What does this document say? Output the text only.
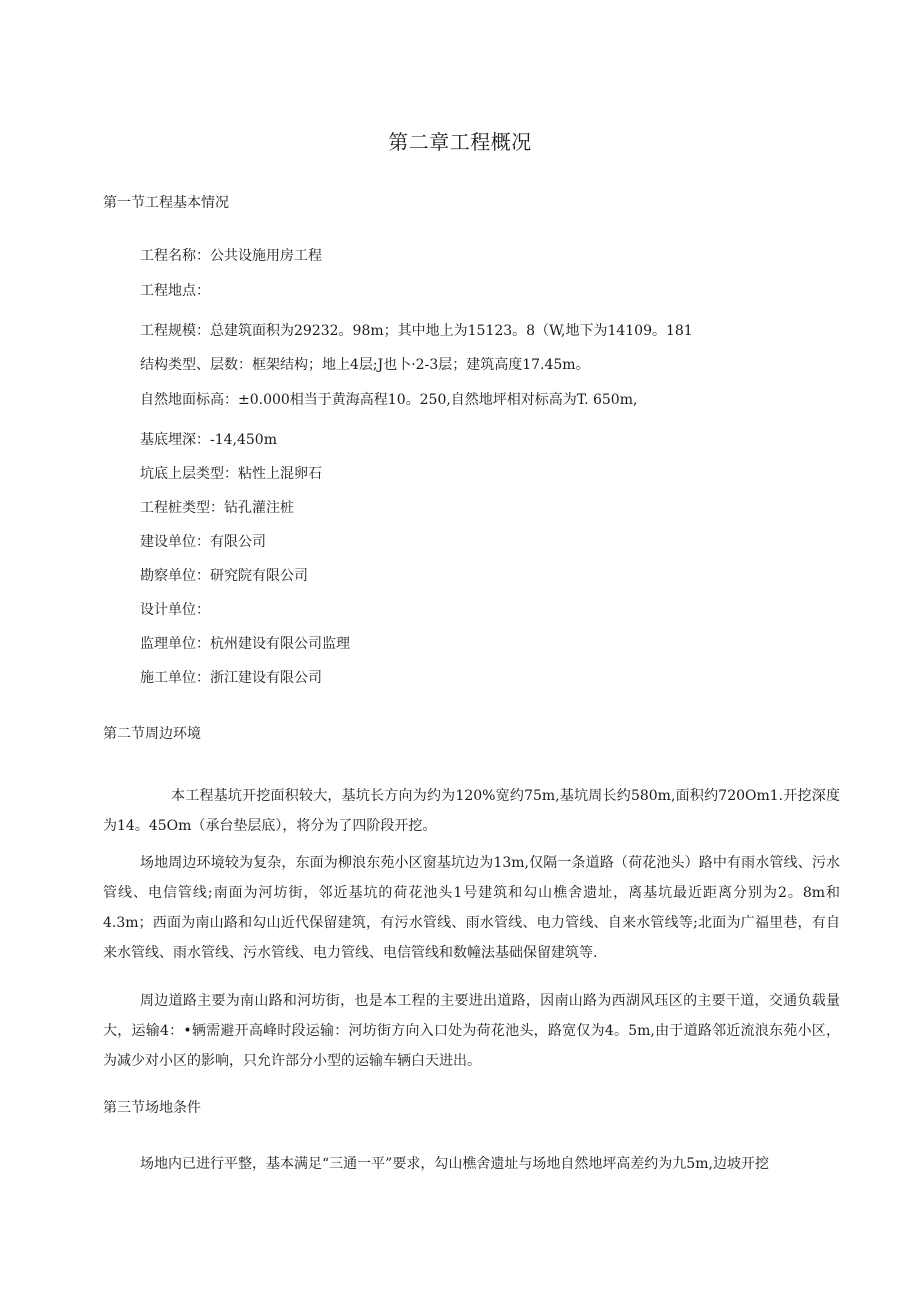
第二章工程概况
第一节工程基本情况
工程名称：公共设施用房工程
工程地点：
工程规模：总建筑面积为29232。98m；其中地上为15123。8（W,地下为14109。181
结构类型、层数：框架结构；地上4层;J也卜·2-3层；建筑高度17.45m。
自然地面标高：±0.000相当于黄海高程10。250,自然地坪相对标高为T. 650m,
基底埋深：-14,450m
坑底上层类型：粘性上混卵石
工程桩类型：钻孔灌注桩
建设单位：有限公司
勘察单位：研究院有限公司
设计单位：
监理单位：杭州建设有限公司监理
施工单位：浙江建设有限公司
第二节周边环境

本工程基坑开挖面积较大，基坑长方向为约为120%宽约75m,基坑周长约580m,面积约720Om1.开挖深度为14。45Om（承台垫层底），将分为了四阶段开挖。

场地周边环境较为复杂，东面为柳浪东苑小区窗基坑边为13m,仅隔一条道路（荷花池头）路中有雨水管线、污水管线、电信管线;南面为河坊街，邻近基坑的荷花池头1号建筑和勾山樵舍遗址，离基坑最近距离分别为2。8m和4.3m；西面为南山路和勾山近代保留建筑，有污水管线、雨水管线、电力管线、自来水管线等;北面为广福里巷，有自来水管线、雨水管线、污水管线、电力管线、电信管线和数幢法基础保留建筑等.

周边道路主要为南山路和河坊街，也是本工程的主要进出道路，因南山路为西湖风珏区的主要干道，交通负载量大，运输4：•辆需避开高峰时段运输：河坊街方向入口处为荷花池头，路宽仅为4。5m,由于道路邻近流浪东苑小区，为减少对小区的影响，只允许部分小型的运输车辆白天进出。

第三节场地条件

场地内已进行平整，基本满足“三通一平”要求，勾山樵舍遗址与场地自然地坪高差约为九5m,边坡开挖
